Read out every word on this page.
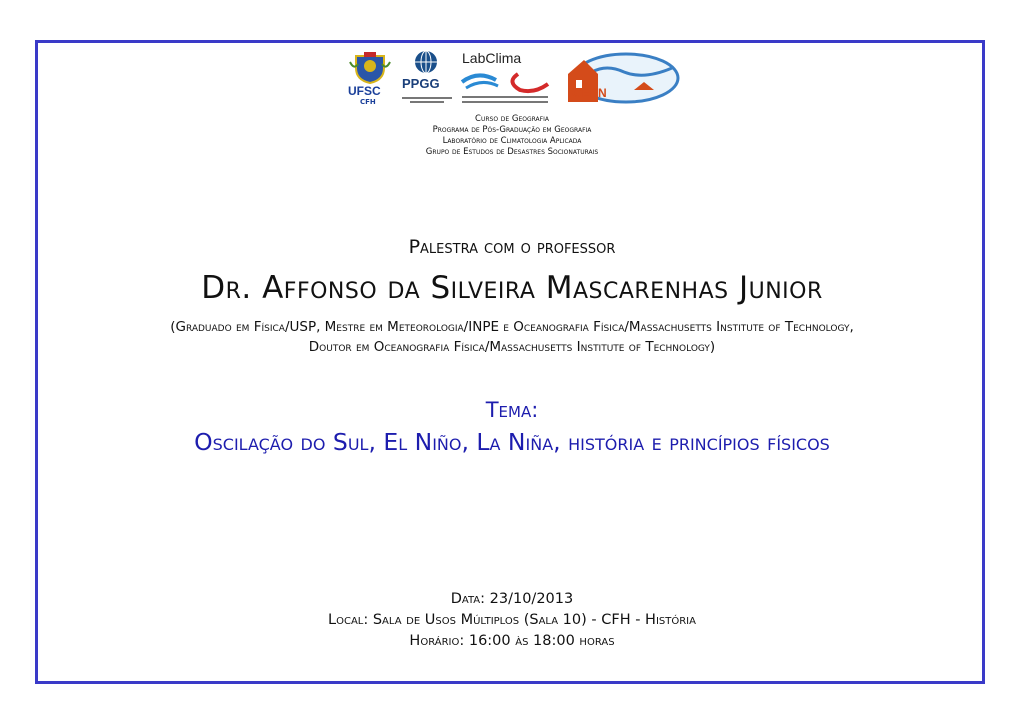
UFSC
CFH
PPGG
LabClima
GEDN
Curso de Geografia
Programa de Pós-Graduação em Geografia
Laboratório de Climatologia Aplicada
Grupo de Estudos de Desastres Socionaturais
Palestra com o professor
Dr. Affonso da Silveira Mascarenhas Junior
(Graduado em Física/USP, Mestre em Meteorologia/INPE e Oceanografia Física/Massachusetts Institute of Technology,
Doutor em Oceanografia Física/Massachusetts Institute of Technology)
Tema:
Oscilação do Sul, El Niño, La Niña, história e princípios físicos
Data: 23/10/2013
Local: Sala de Usos Múltiplos (Sala 10) - CFH - História
Horário: 16:00 às 18:00 horas
